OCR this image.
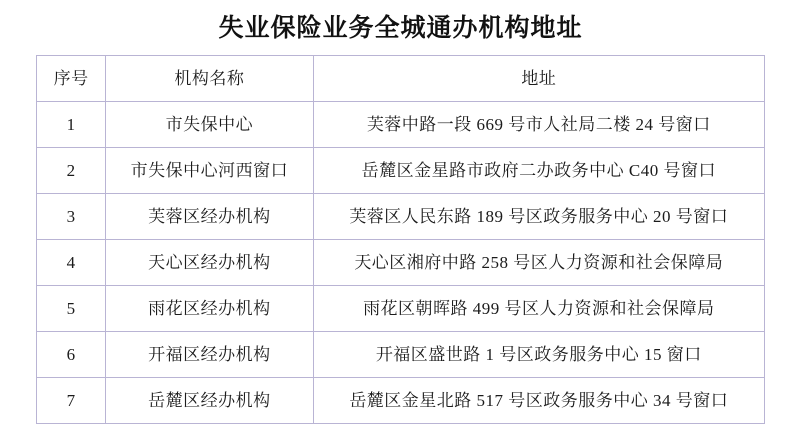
失业保险业务全城通办机构地址
序号	机构名称	地址
1	市失保中心	芙蓉中路一段 669 号市人社局二楼 24 号窗口
2	市失保中心河西窗口	岳麓区金星路市政府二办政务中心 C40 号窗口
3	芙蓉区经办机构	芙蓉区人民东路 189 号区政务服务中心 20 号窗口
4	天心区经办机构	天心区湘府中路 258 号区人力资源和社会保障局
5	雨花区经办机构	雨花区朝晖路 499 号区人力资源和社会保障局
6	开福区经办机构	开福区盛世路 1 号区政务服务中心 15 窗口
7	岳麓区经办机构	岳麓区金星北路 517 号区政务服务中心 34 号窗口
